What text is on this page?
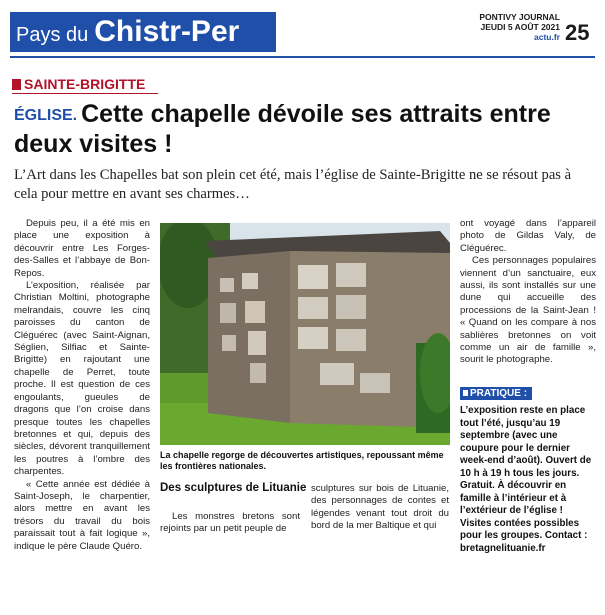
Pays du Chistr-Per	PONTIVY JOURNAL
JEUDI 5 AOÛT 2021
actu.fr 25
SAINTE-BRIGITTE
ÉGLISE. Cette chapelle dévoile ses attraits entre deux visites !
L’Art dans les Chapelles bat son plein cet été, mais l’église de Sainte-Brigitte ne se résout pas à cela pour mettre en avant ses charmes…

Depuis peu, il a été mis en place une exposition à découvrir entre Les Forges-des-Salles et l’abbaye de Bon-Repos.

L’exposition, réalisée par Christian Moltini, photographe melrandais, couvre les cinq paroisses du canton de Cléguérec (avec Saint-Aignan, Séglien, Silfiac et Sainte-Brigitte) en rajoutant une chapelle de Perret, toute proche. Il est question de ces engoulants, gueules de dragons que l’on croise dans presque toutes les chapelles bretonnes et qui, depuis des siècles, dévorent tranquillement les poutres à l’ombre des charpentes.

« Cette année est dédiée à Saint-Joseph, le charpentier, alors mettre en avant les trésors du travail du bois paraissait tout à fait logique », indique le père Claude Quéro.

La chapelle regorge de découvertes artistiques, repoussant même les frontières nationales.
Des sculptures de Lituanie

Les monstres bretons sont rejoints par un petit peuple de

sculptures sur bois de Lituanie, des personnages de contes et légendes venant tout droit du bord de la mer Baltique et qui

ont voyagé dans l’appareil photo de Gildas Valy, de Cléguérec.

Ces personnages populaires viennent d’un sanctuaire, eux aussi, ils sont installés sur une dune qui accueille des processions de la Saint-Jean ! « Quand on les compare à nos sablières bretonnes on voit comme un air de famille », sourit le photographe.

PRATIQUE :
L’exposition reste en place tout l’été, jusqu’au 19 septembre (avec une coupure pour le dernier week-end d’août). Ouvert de 10 h à 19 h tous les jours. Gratuit. À découvrir en famille à l’intérieur et à l’extérieur de l’église ! Visites contées possibles pour les groupes. Contact : bretagnelituanie.fr
